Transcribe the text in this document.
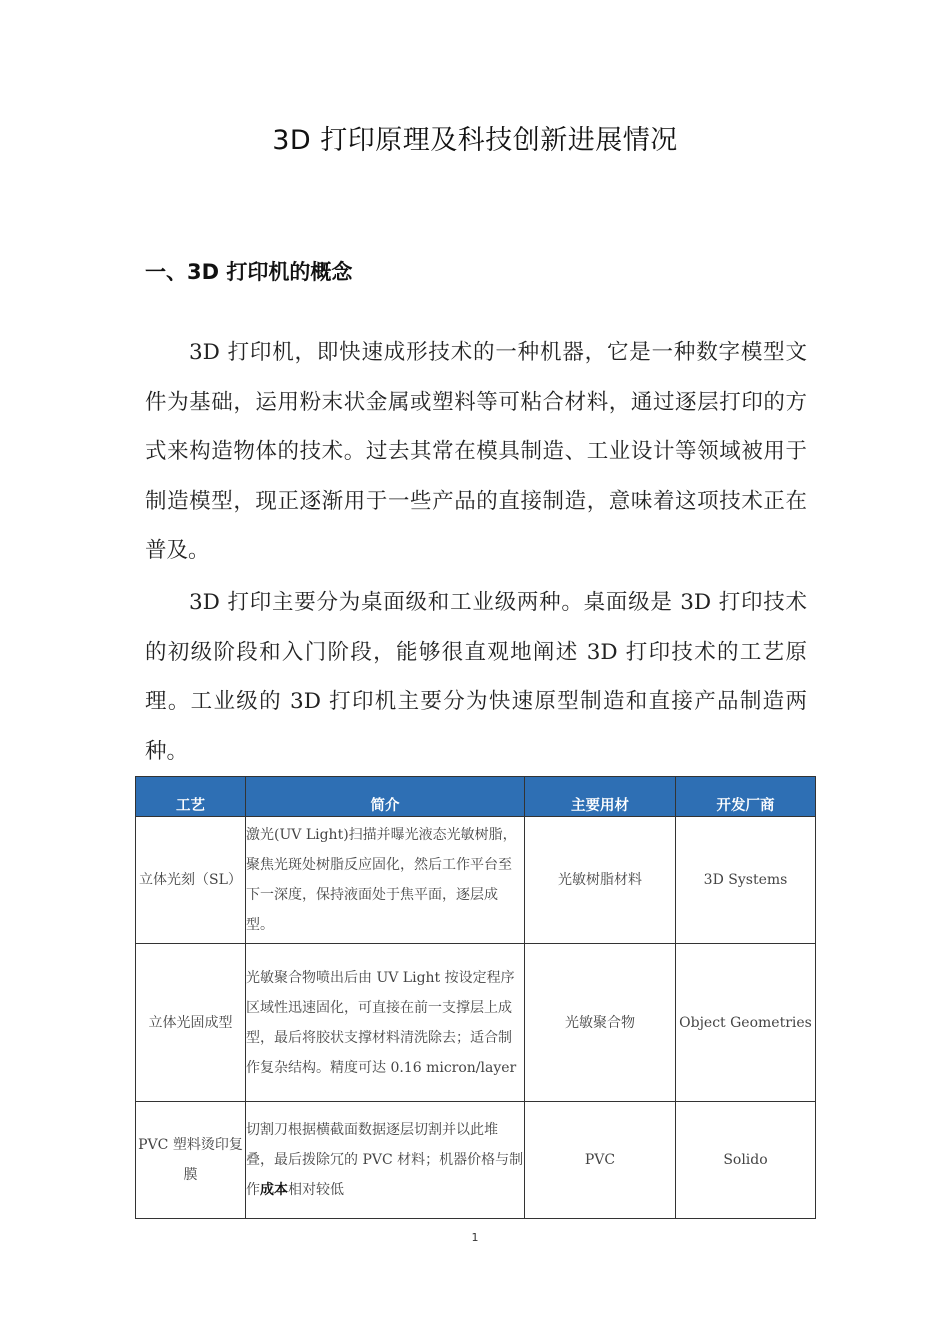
3D 打印原理及科技创新进展情况
一、3D 打印机的概念

3D 打印机，即快速成形技术的一种机器，它是一种数字模型文件为基础，运用粉末状金属或塑料等可粘合材料，通过逐层打印的方式来构造物体的技术。过去其常在模具制造、工业设计等领域被用于制造模型，现正逐渐用于一些产品的直接制造，意味着这项技术正在普及。

3D 打印主要分为桌面级和工业级两种。桌面级是 3D 打印技术的初级阶段和入门阶段，能够很直观地阐述 3D 打印技术的工艺原理。工业级的 3D 打印机主要分为快速原型制造和直接产品制造两种。

工艺	简介	主要用材	开发厂商
立体光刻（SL）	激光(UV Light)扫描并曝光液态光敏树脂，聚焦光斑处树脂反应固化，然后工作平台至下一深度，保持液面处于焦平面，逐层成型。	光敏树脂材料	3D Systems
立体光固成型	光敏聚合物喷出后由 UV Light 按设定程序区域性迅速固化，可直接在前一支撑层上成型，最后将胶状支撑材料清洗除去；适合制作复杂结构。精度可达 0.16 micron/layer	光敏聚合物	Object Geometries
PVC 塑料烫印复膜	切割刀根据横截面数据逐层切割并以此堆叠，最后拨除冗的 PVC 材料；机器价格与制作成本相对较低	PVC	Solido
1
